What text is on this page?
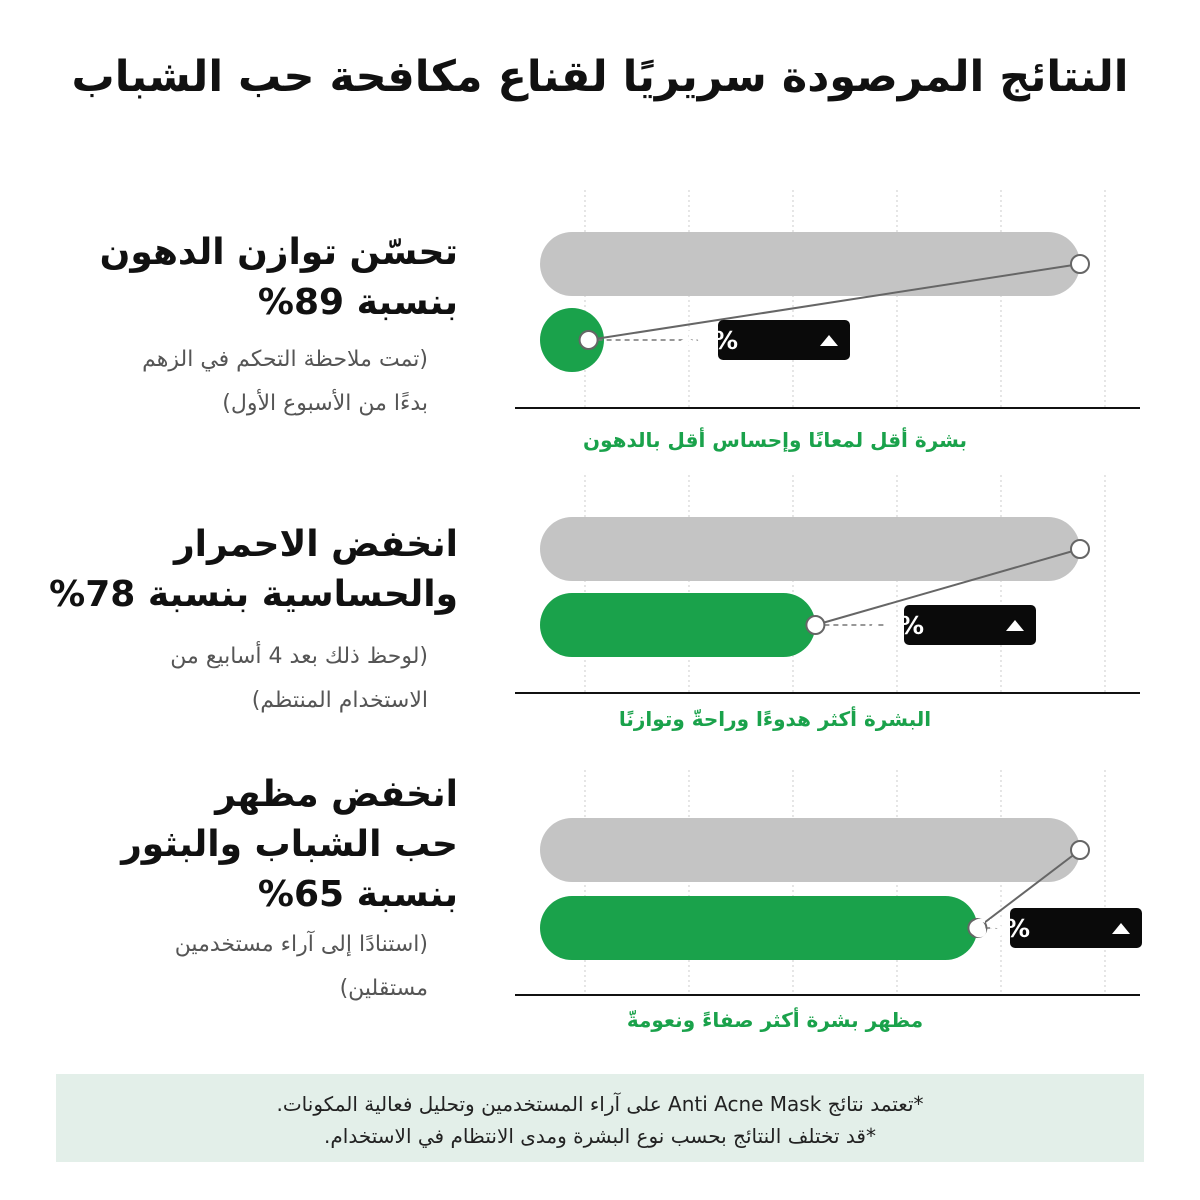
النتائج المرصودة سريريًا لقناع مكافحة حب الشباب
تحسّن توازن الدهون
بنسبة 89%
(تمت ملاحظة التحكم في الزهم
بدءًا من الأسبوع الأول)
89%
بشرة أقل لمعانًا وإحساس أقل بالدهون
انخفض الاحمرار
والحساسية بنسبة 78%
(لوحظ ذلك بعد 4 أسابيع من
الاستخدام المنتظم)
78%
البشرة أكثر هدوءًا وراحةّ وتوازنًا
انخفض مظهر
حب الشباب والبثور
بنسبة 65%
(استنادًا إلى آراء مستخدمين
مستقلين)
65%
مظهر بشرة أكثر صفاءً ونعومةّ
*تعتمد نتائج Anti Acne Mask على آراء المستخدمين وتحليل فعالية المكونات.
*قد تختلف النتائج بحسب نوع البشرة ومدى الانتظام في الاستخدام.
